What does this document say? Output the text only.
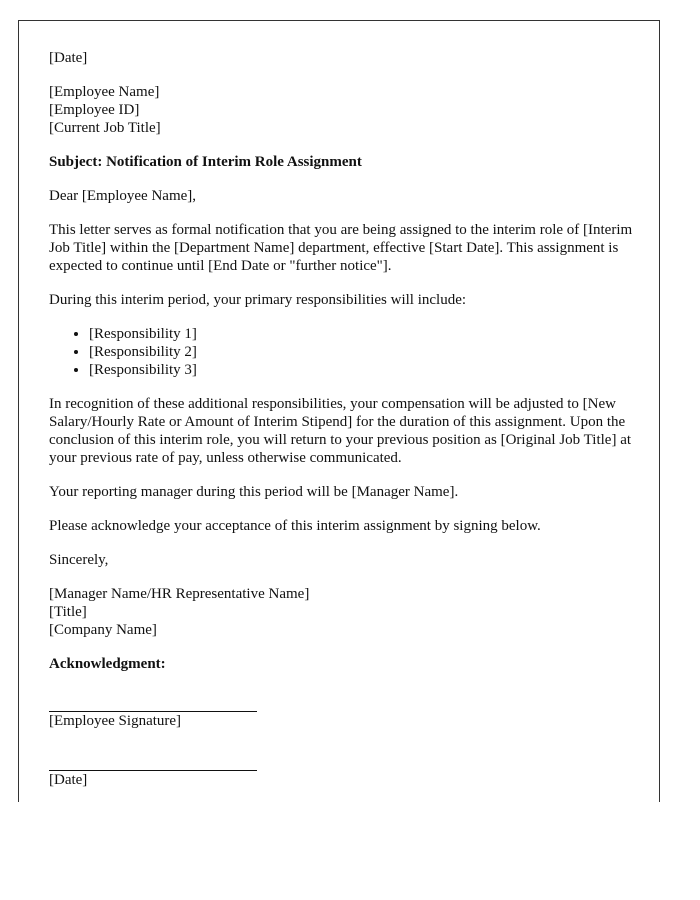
[Date]

[Employee Name]
[Employee ID]
[Current Job Title]

Subject: Notification of Interim Role Assignment

Dear [Employee Name],

This letter serves as formal notification that you are being assigned to the interim role of [Interim Job Title] within the [Department Name] department, effective [Start Date]. This assignment is expected to continue until [End Date or "further notice"].

During this interim period, your primary responsibilities will include:

• [Responsibility 1]
• [Responsibility 2]
• [Responsibility 3]

In recognition of these additional responsibilities, your compensation will be adjusted to [New Salary/Hourly Rate or Amount of Interim Stipend] for the duration of this assignment. Upon the conclusion of this interim role, you will return to your previous position as [Original Job Title] at your previous rate of pay, unless otherwise communicated.

Your reporting manager during this period will be [Manager Name].

Please acknowledge your acceptance of this interim assignment by signing below.

Sincerely,

[Manager Name/HR Representative Name]
[Title]
[Company Name]

Acknowledgment:

[Employee Signature]
[Date]
